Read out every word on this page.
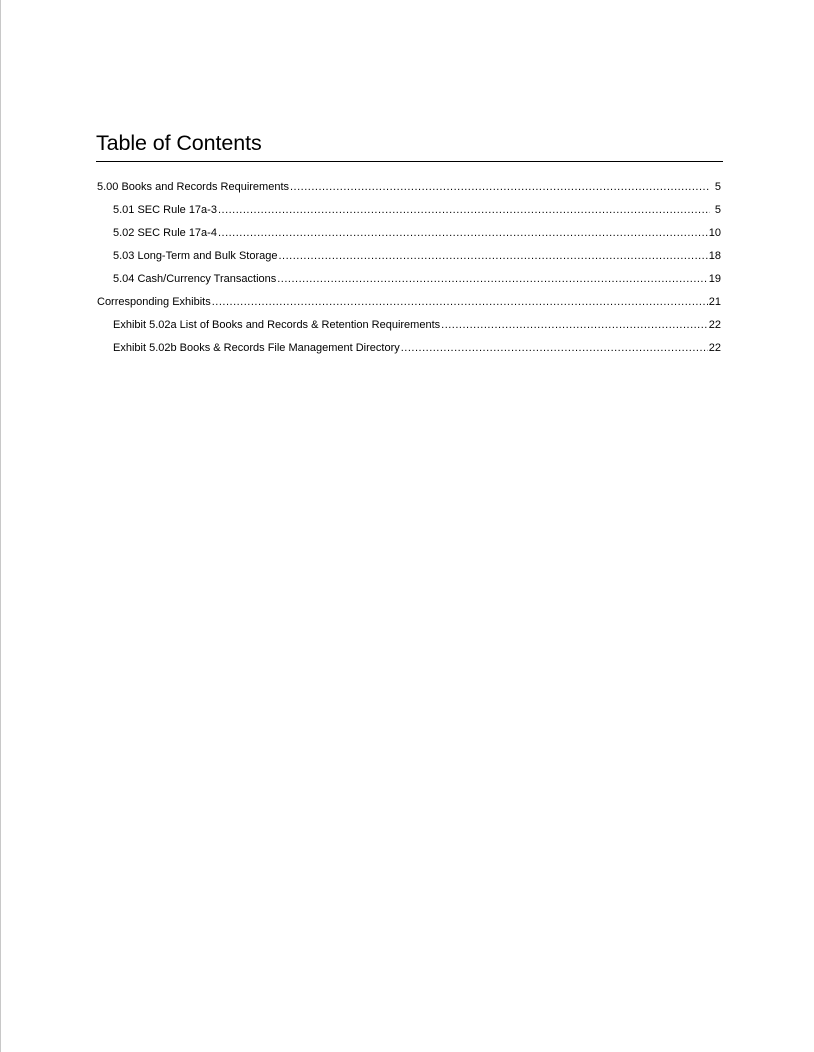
Table of Contents
5.00 Books and Records Requirements .....	5
5.01 SEC Rule 17a-3 .....	5
5.02 SEC Rule 17a-4 .....	10
5.03 Long-Term and Bulk Storage .....	18
5.04 Cash/Currency Transactions .....	19
Corresponding Exhibits .....	21
Exhibit 5.02a List of Books and Records & Retention Requirements .....	22
Exhibit 5.02b Books & Records File Management Directory .....	22
